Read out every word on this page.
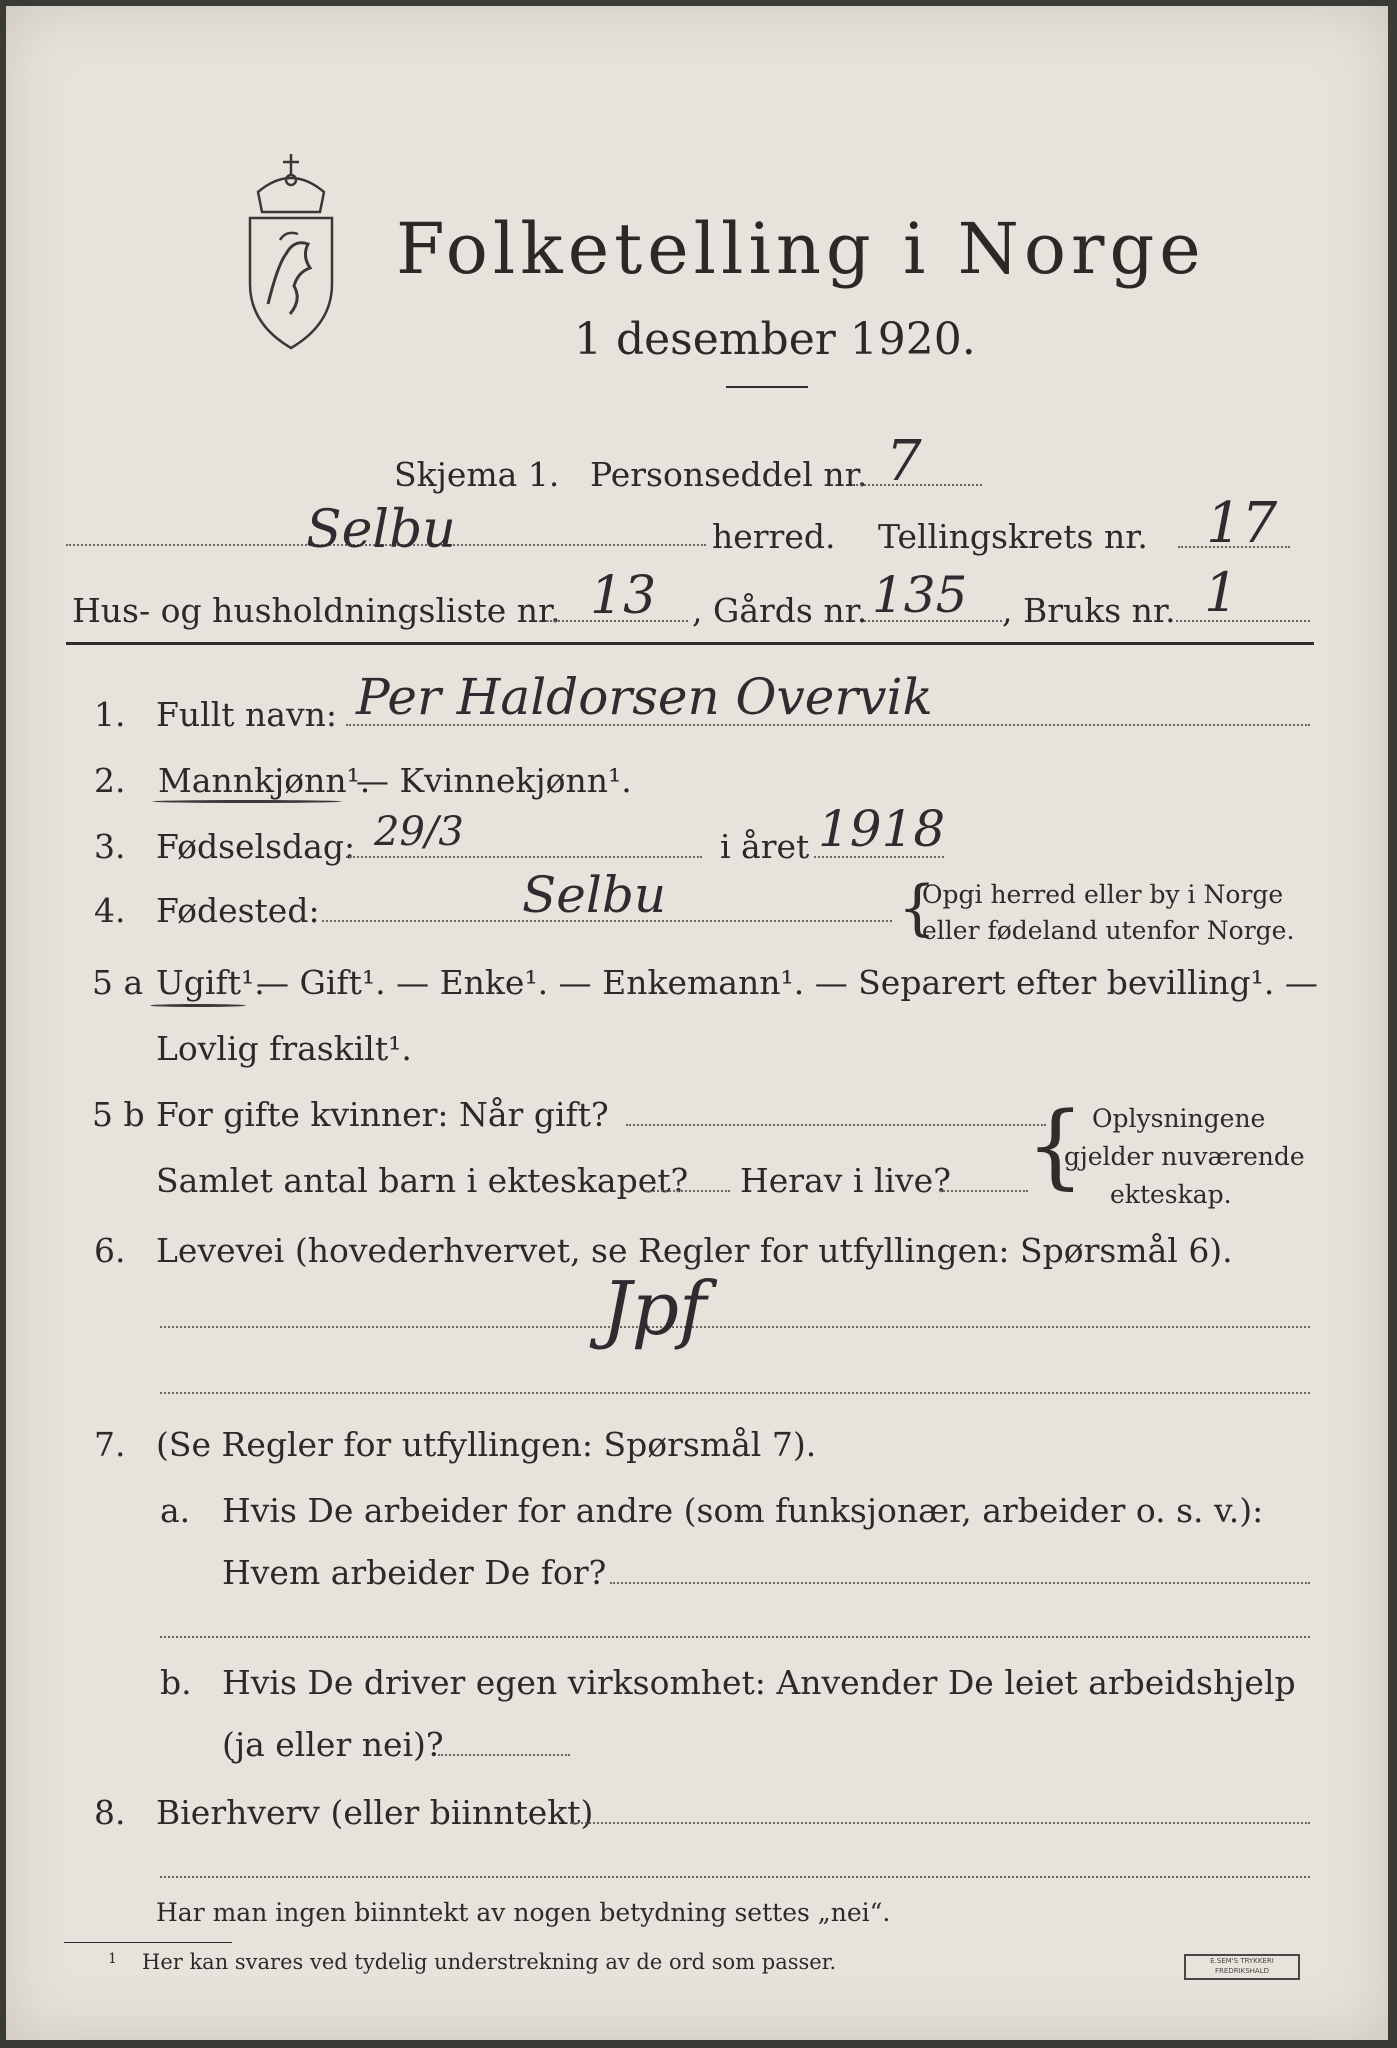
Folketelling i Norge
1 desember 1920.
Skjema 1. Personseddel nr. 7
Selbu	herred. Tellingskrets nr. 17
Hus- og husholdningsliste nr. 13 , Gårds nr. 135 , Bruks nr. 1
1. Fullt navn: Per Haldorsen Overvik
2. Mannkjønn¹.
— Kvinnekjønn¹.
3. Fødselsdag: 29/3	i året 1918
4. Fødested:	Selbu	{
Opgi herred eller by i Norge
eller fødeland utenfor Norge.
5 a Ugift¹.
— Gift¹. — Enke¹. — Enkemann¹. — Separert efter bevilling¹. —
Lovlig fraskilt¹.
5 b For gifte kvinner: Når gift?
Samlet antal barn i ekteskapet? Herav i live? { Oplysningene
gjelder nuværende
ekteskap.
6. Levevei (hovederhvervet, se Regler for utfyllingen: Spørsmål 6).
Jpf
7. (Se Regler for utfyllingen: Spørsmål 7).
a. Hvis De arbeider for andre (som funksjonær, arbeider o. s. v.):
Hvem arbeider De for?
b. Hvis De driver egen virksomhet: Anvender De leiet arbeidshjelp
(ja eller nei)?
8. Bierhverv (eller biinntekt)
Har man ingen biinntekt av nogen betydning settes „nei“.
1 Her kan svares ved tydelig understrekning av de ord som passer.	E.SEM'S TRYKKERI FREDRIKSHALD
